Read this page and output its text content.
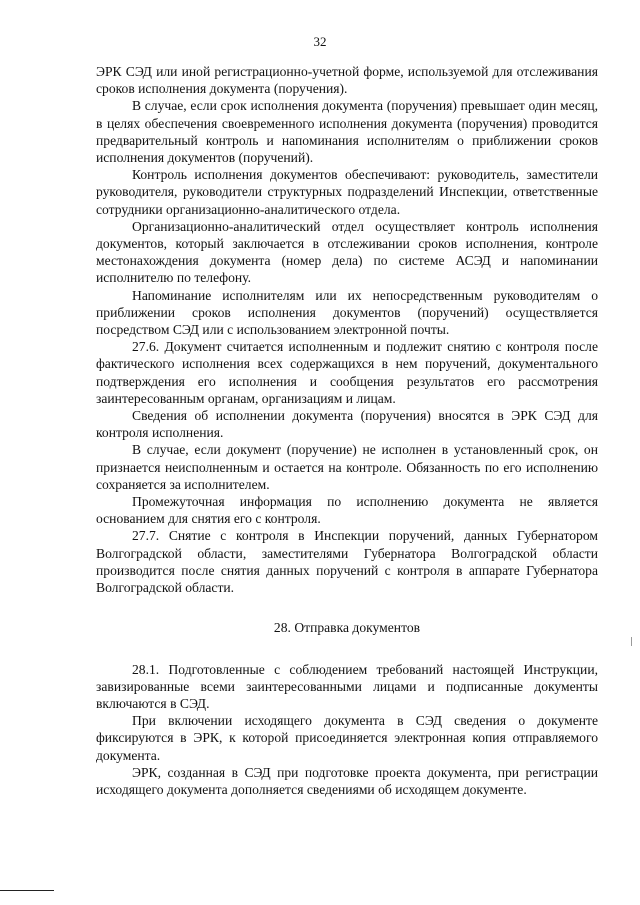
32

ЭРК СЭД или иной регистрационно-учетной форме, используемой для отслеживания сроков исполнения документа (поручения).

В случае, если срок исполнения документа (поручения) превышает один месяц, в целях обеспечения своевременного исполнения документа (поручения) проводится предварительный контроль и напоминания исполнителям о приближении сроков исполнения документов (поручений).

Контроль исполнения документов обеспечивают: руководитель, заместители руководителя, руководители структурных подразделений Инспекции, ответственные сотрудники организационно-аналитического отдела.

Организационно-аналитический отдел осуществляет контроль исполнения документов, который заключается в отслеживании сроков исполнения, контроле местонахождения документа (номер дела) по системе АСЭД и напоминании исполнителю по телефону.

Напоминание исполнителям или их непосредственным руководителям о приближении сроков исполнения документов (поручений) осуществляется посредством СЭД или с использованием электронной почты.

27.6. Документ считается исполненным и подлежит снятию с контроля после фактического исполнения всех содержащихся в нем поручений, документального подтверждения его исполнения и сообщения результатов его рассмотрения заинтересованным органам, организациям и лицам.

Сведения об исполнении документа (поручения) вносятся в ЭРК СЭД для контроля исполнения.

В случае, если документ (поручение) не исполнен в установленный срок, он признается неисполненным и остается на контроле. Обязанность по его исполнению сохраняется за исполнителем.

Промежуточная информация по исполнению документа не является основанием для снятия его с контроля.

27.7. Снятие с контроля в Инспекции поручений, данных Губернатором Волгоградской области, заместителями Губернатора Волгоградской области производится после снятия данных поручений с контроля в аппарате Губернатора Волгоградской области.

28. Отправка документов

28.1. Подготовленные с соблюдением требований настоящей Инструкции, завизированные всеми заинтересованными лицами и подписанные документы включаются в СЭД.

При включении исходящего документа в СЭД сведения о документе фиксируются в ЭРК, к которой присоединяется электронная копия отправляемого документа.

ЭРК, созданная в СЭД при подготовке проекта документа, при регистрации исходящего документа дополняется сведениями об исходящем документе.
